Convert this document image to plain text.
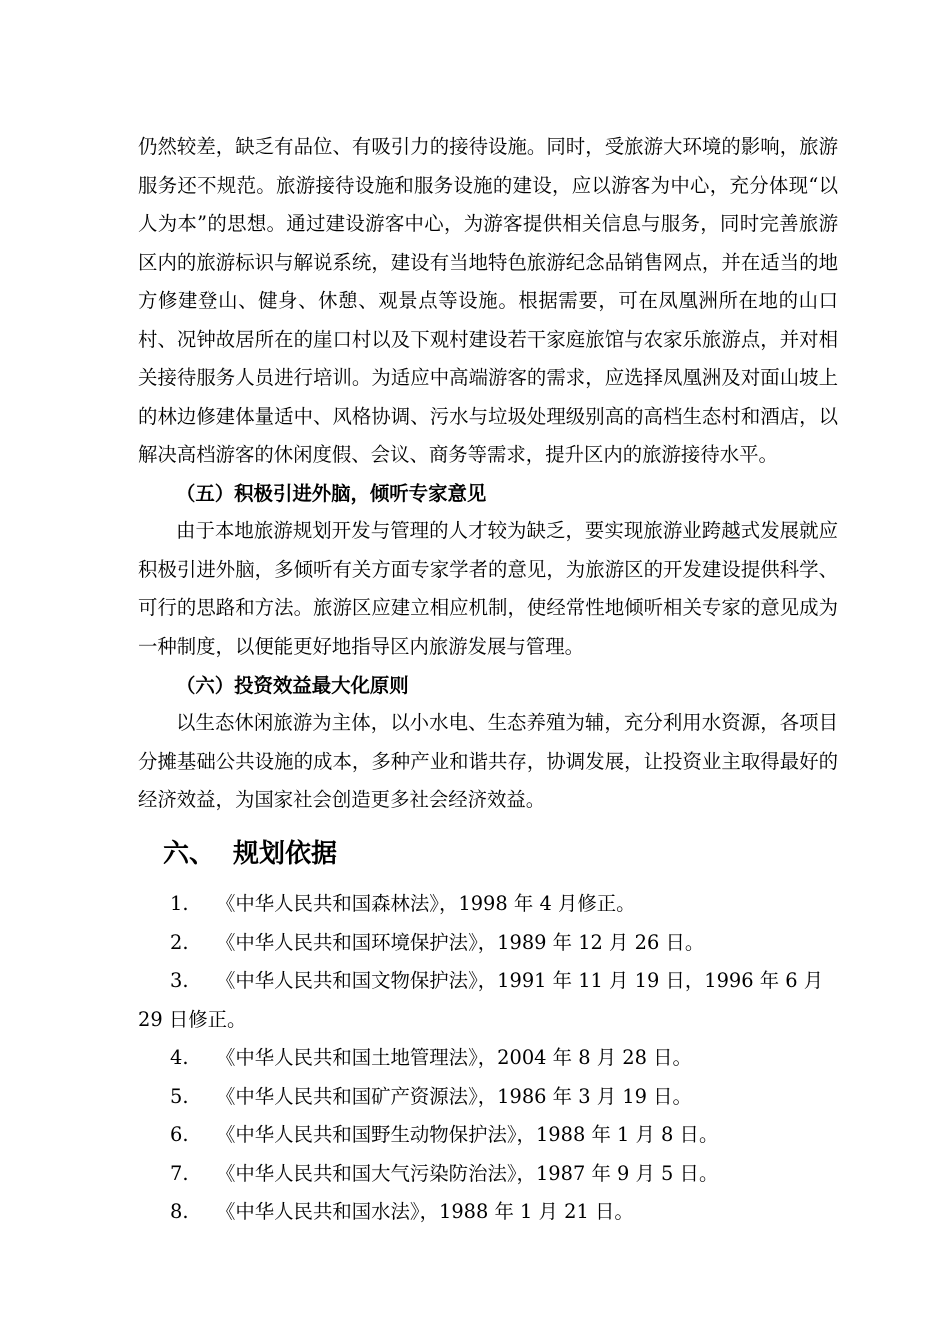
仍然较差，缺乏有品位、有吸引力的接待设施。同时，受旅游大环境的影响，旅游服务还不规范。旅游接待设施和服务设施的建设，应以游客为中心，充分体现“以人为本”的思想。通过建设游客中心，为游客提供相关信息与服务，同时完善旅游区内的旅游标识与解说系统，建设有当地特色旅游纪念品销售网点，并在适当的地方修建登山、健身、休憩、观景点等设施。根据需要，可在凤凰洲所在地的山口村、况钟故居所在的崖口村以及下观村建设若干家庭旅馆与农家乐旅游点，并对相关接待服务人员进行培训。为适应中高端游客的需求，应选择凤凰洲及对面山坡上的林边修建体量适中、风格协调、污水与垃圾处理级别高的高档生态村和酒店，以解决高档游客的休闲度假、会议、商务等需求，提升区内的旅游接待水平。

（五）积极引进外脑，倾听专家意见

由于本地旅游规划开发与管理的人才较为缺乏，要实现旅游业跨越式发展就应积极引进外脑，多倾听有关方面专家学者的意见，为旅游区的开发建设提供科学、可行的思路和方法。旅游区应建立相应机制，使经常性地倾听相关专家的意见成为一种制度，以便能更好地指导区内旅游发展与管理。

（六）投资效益最大化原则

以生态休闲旅游为主体，以小水电、生态养殖为辅，充分利用水资源，各项目分摊基础公共设施的成本，多种产业和谐共存，协调发展，让投资业主取得最好的经济效益，为国家社会创造更多社会经济效益。

六、 规划依据
1. 《中华人民共和国森林法》，1998 年 4 月修正。
2. 《中华人民共和国环境保护法》，1989 年 12 月 26 日。
3. 《中华人民共和国文物保护法》，1991 年 11 月 19 日，1996 年 6 月 29 日修正。
4. 《中华人民共和国土地管理法》，2004 年 8 月 28 日。
5. 《中华人民共和国矿产资源法》，1986 年 3 月 19 日。
6. 《中华人民共和国野生动物保护法》，1988 年 1 月 8 日。
7. 《中华人民共和国大气污染防治法》，1987 年 9 月 5 日。
8. 《中华人民共和国水法》，1988 年 1 月 21 日。
